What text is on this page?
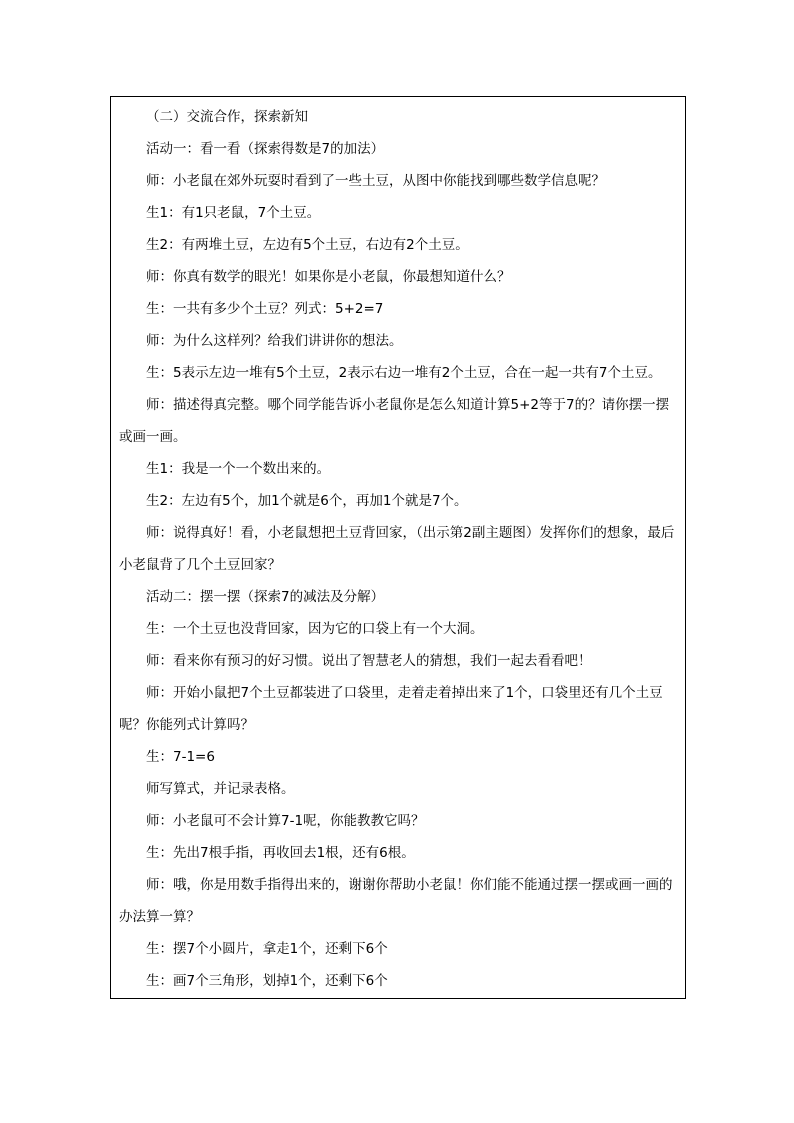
（二）交流合作，探索新知

活动一：看一看（探索得数是7的加法）

师：小老鼠在郊外玩耍时看到了一些土豆，从图中你能找到哪些数学信息呢？

生1：有1只老鼠，7个土豆。

生2：有两堆土豆，左边有5个土豆，右边有2个土豆。

师：你真有数学的眼光！如果你是小老鼠，你最想知道什么？

生：一共有多少个土豆？列式：5+2=7

师：为什么这样列？给我们讲讲你的想法。

生：5表示左边一堆有5个土豆，2表示右边一堆有2个土豆，合在一起一共有7个土豆。

师：描述得真完整。哪个同学能告诉小老鼠你是怎么知道计算5+2等于7的？请你摆一摆或画一画。

生1：我是一个一个数出来的。

生2：左边有5个，加1个就是6个，再加1个就是7个。

师：说得真好！看，小老鼠想把土豆背回家，（出示第2副主题图）发挥你们的想象，最后小老鼠背了几个土豆回家？

活动二：摆一摆（探索7的减法及分解）

生：一个土豆也没背回家，因为它的口袋上有一个大洞。

师：看来你有预习的好习惯。说出了智慧老人的猜想，我们一起去看看吧！

师：开始小鼠把7个土豆都装进了口袋里，走着走着掉出来了1个，口袋里还有几个土豆呢？你能列式计算吗？

生：7-1=6

师写算式，并记录表格。

师：小老鼠可不会计算7-1呢，你能教教它吗？

生：先出7根手指，再收回去1根，还有6根。

师：哦，你是用数手指得出来的，谢谢你帮助小老鼠！你们能不能通过摆一摆或画一画的办法算一算？

生：摆7个小圆片，拿走1个，还剩下6个

生：画7个三角形，划掉1个，还剩下6个
